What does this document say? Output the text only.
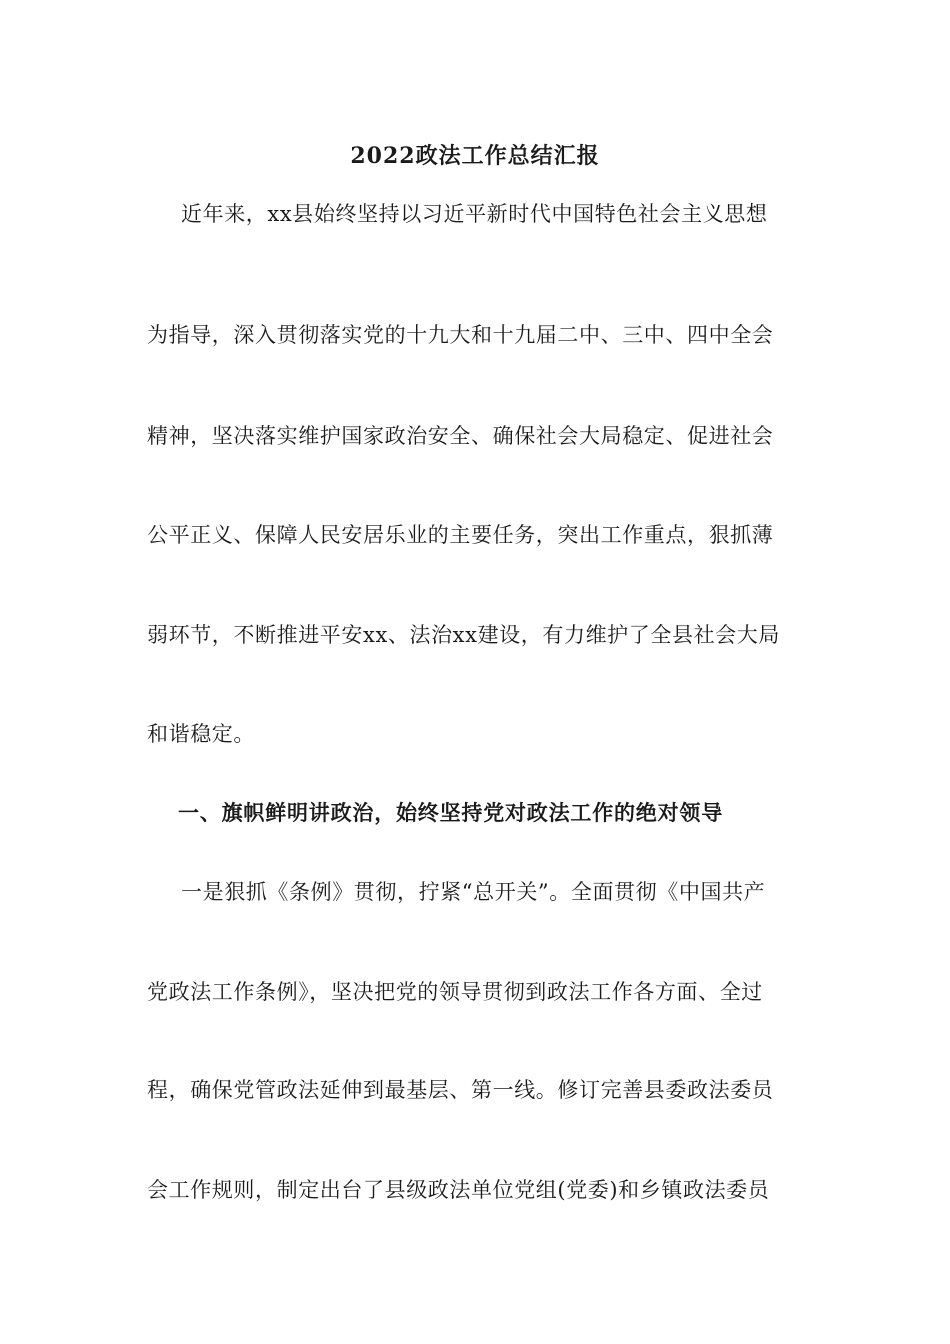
2022政法工作总结汇报
近年来，xx县始终坚持以习近平新时代中国特色社会主义思想
为指导，深入贯彻落实党的十九大和十九届二中、三中、四中全会
精神，坚决落实维护国家政治安全、确保社会大局稳定、促进社会
公平正义、保障人民安居乐业的主要任务，突出工作重点，狠抓薄
弱环节，不断推进平安xx、法治xx建设，有力维护了全县社会大局
和谐稳定。
一、旗帜鲜明讲政治，始终坚持党对政法工作的绝对领导
一是狠抓《条例》贯彻，拧紧“总开关”。全面贯彻《中国共产
党政法工作条例》，坚决把党的领导贯彻到政法工作各方面、全过
程，确保党管政法延伸到最基层、第一线。修订完善县委政法委员
会工作规则，制定出台了县级政法单位党组(党委)和乡镇政法委员
